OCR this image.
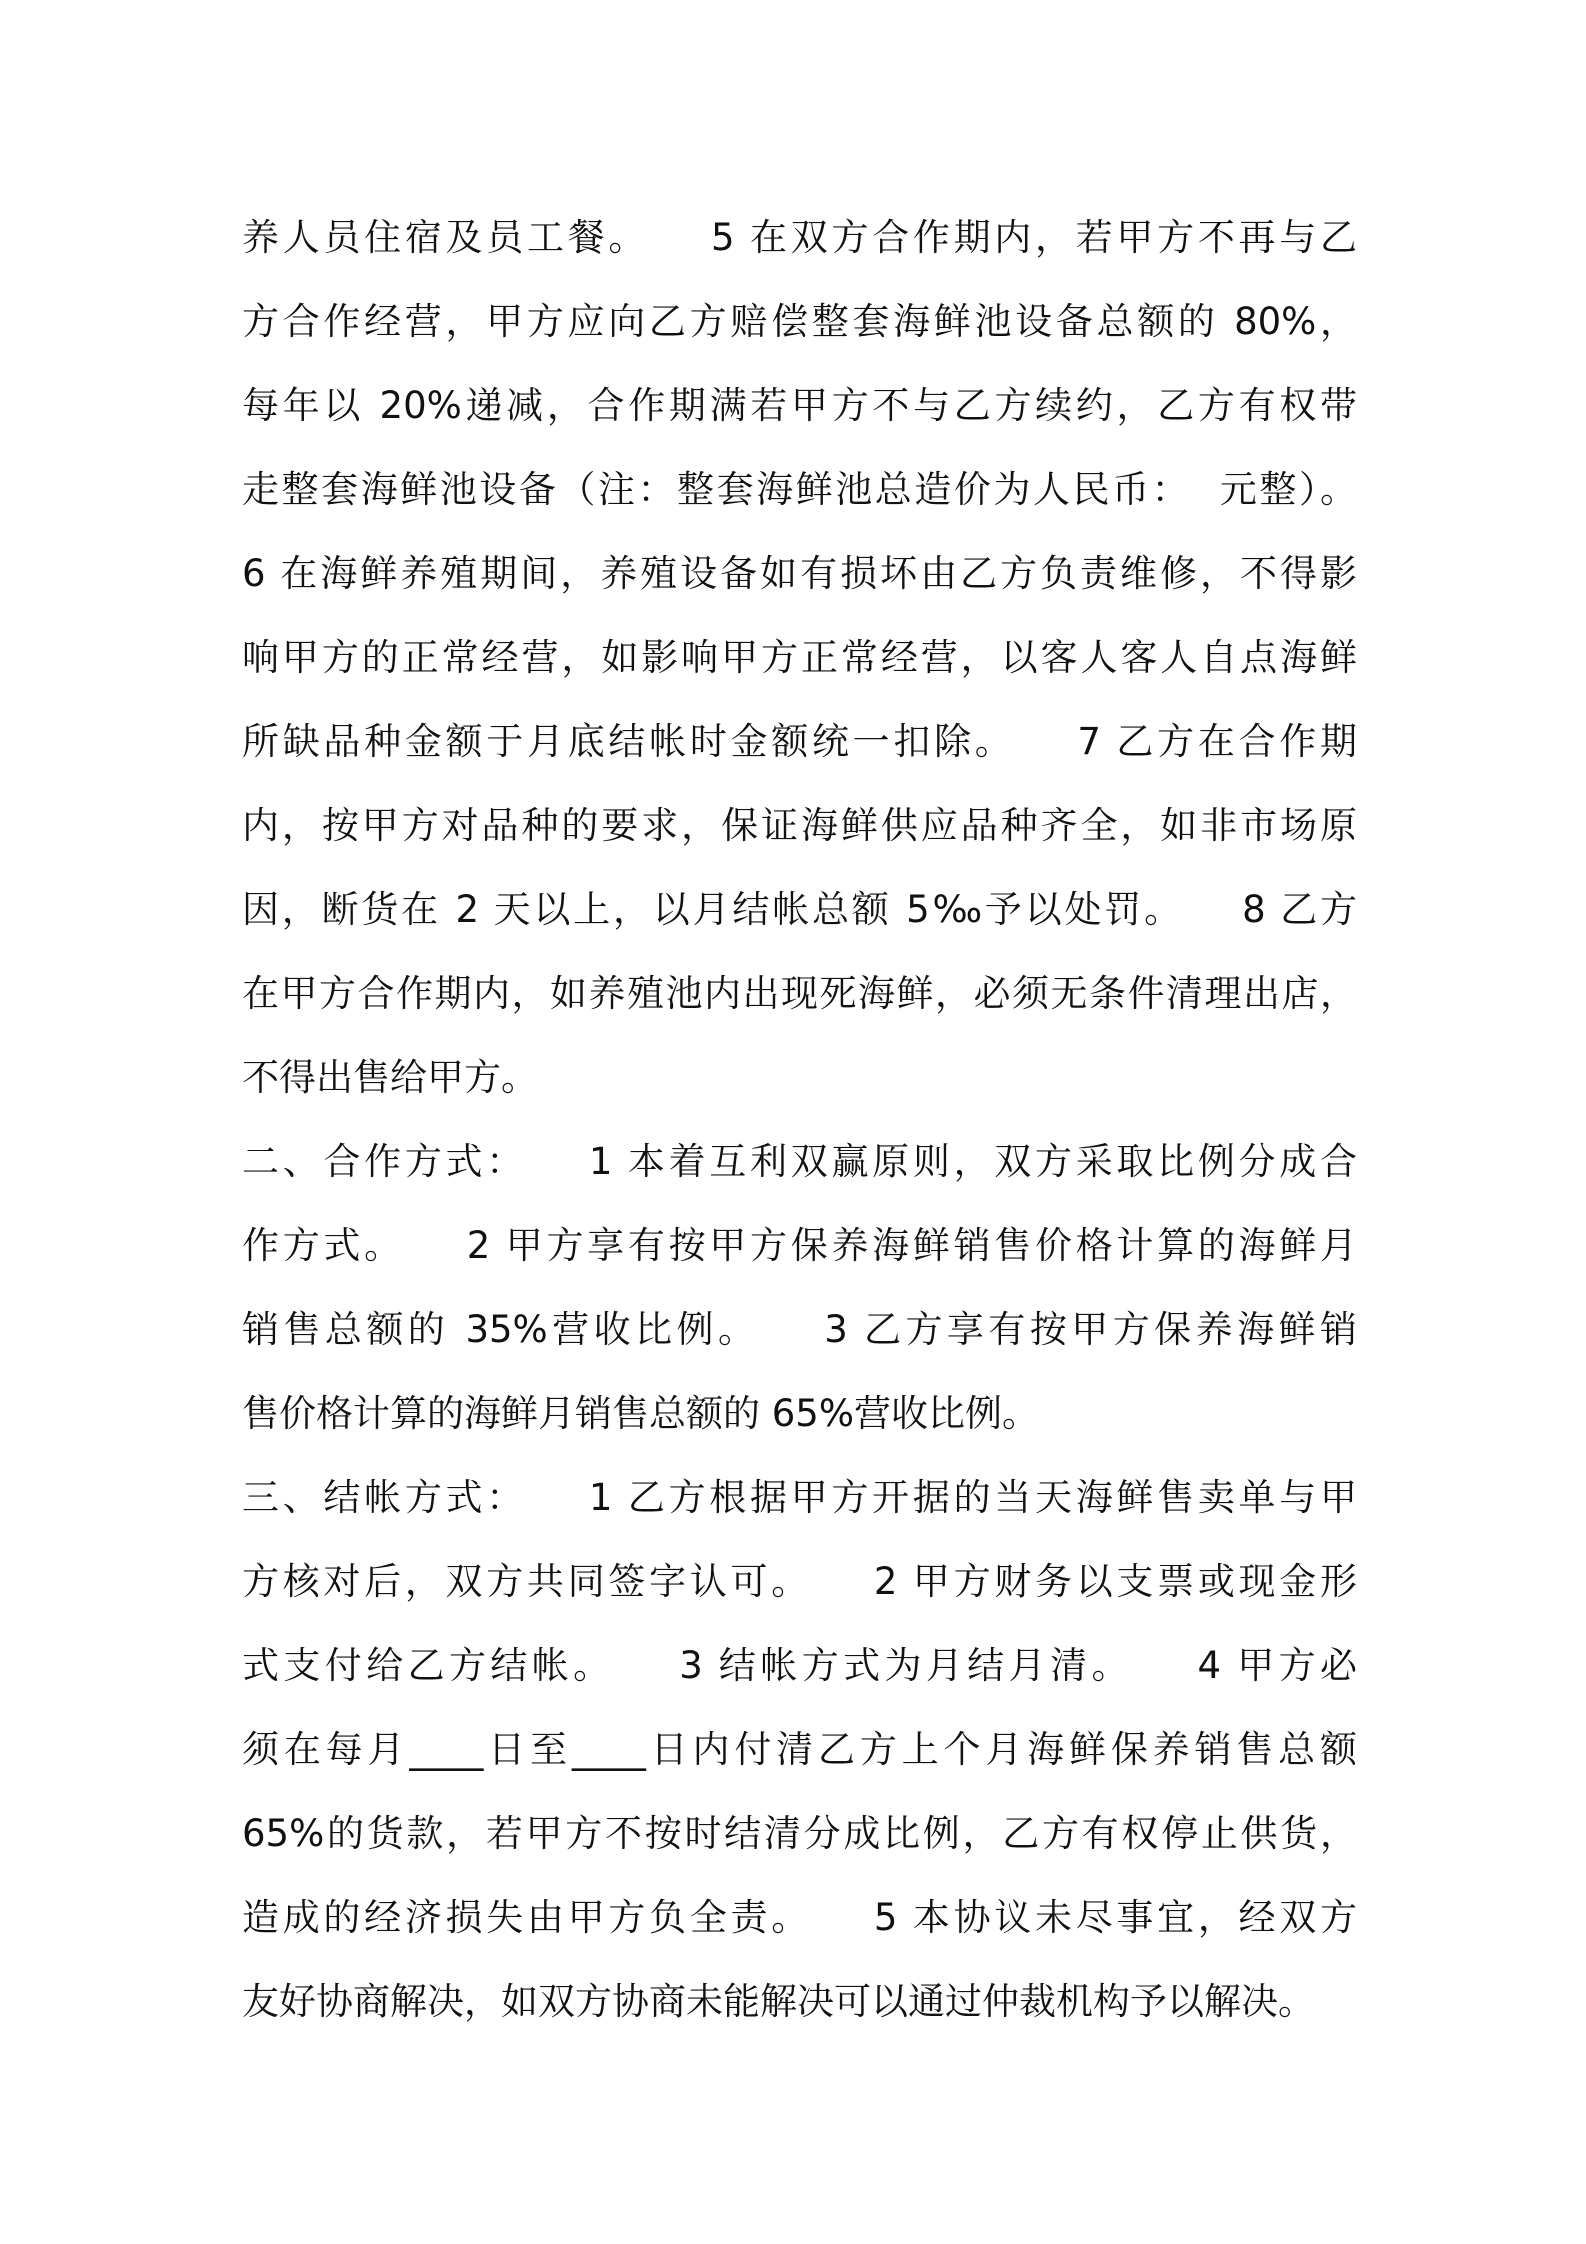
养人员住宿及员工餐。    5 在双方合作期内，若甲方不再与乙
方合作经营，甲方应向乙方赔偿整套海鲜池设备总额的 80%，
每年以 20%递减，合作期满若甲方不与乙方续约，乙方有权带
走整套海鲜池设备（注：整套海鲜池总造价为人民币：  元整）。
6 在海鲜养殖期间，养殖设备如有损坏由乙方负责维修，不得影
响甲方的正常经营，如影响甲方正常经营，以客人客人自点海鲜
所缺品种金额于月底结帐时金额统一扣除。    7 乙方在合作期
内，按甲方对品种的要求，保证海鲜供应品种齐全，如非市场原
因，断货在 2 天以上，以月结帐总额 5‰予以处罚。    8 乙方
在甲方合作期内，如养殖池内出现死海鲜，必须无条件清理出店，
不得出售给甲方。
二、合作方式：    1 本着互利双赢原则，双方采取比例分成合
作方式。    2 甲方享有按甲方保养海鲜销售价格计算的海鲜月
销售总额的 35%营收比例。    3 乙方享有按甲方保养海鲜销
售价格计算的海鲜月销售总额的 65%营收比例。
三、结帐方式：    1 乙方根据甲方开据的当天海鲜售卖单与甲
方核对后，双方共同签字认可。    2 甲方财务以支票或现金形
式支付给乙方结帐。    3 结帐方式为月结月清。    4 甲方必
须在每月____日至____日内付清乙方上个月海鲜保养销售总额
65%的货款，若甲方不按时结清分成比例，乙方有权停止供货，
造成的经济损失由甲方负全责。    5 本协议未尽事宜，经双方
友好协商解决，如双方协商未能解决可以通过仲裁机构予以解决。
